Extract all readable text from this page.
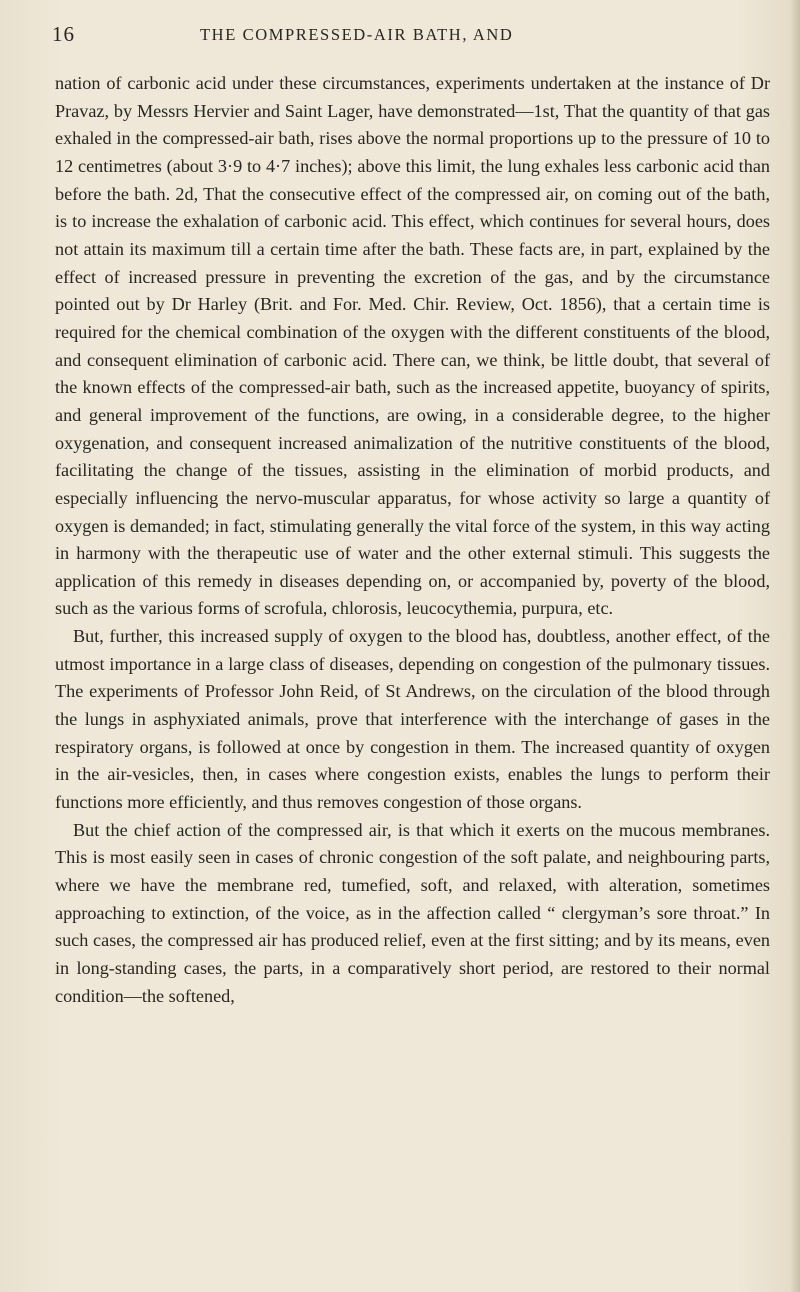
16	THE COMPRESSED-AIR BATH, AND

nation of carbonic acid under these circumstances, experiments undertaken at the instance of Dr Pravaz, by Messrs Hervier and Saint Lager, have demonstrated—1st, That the quantity of that gas exhaled in the compressed-air bath, rises above the normal proportions up to the pressure of 10 to 12 centimetres (about 3·9 to 4·7 inches); above this limit, the lung exhales less carbonic acid than before the bath. 2d, That the consecutive effect of the compressed air, on coming out of the bath, is to increase the exhalation of carbonic acid. This effect, which continues for several hours, does not attain its maximum till a certain time after the bath. These facts are, in part, explained by the effect of increased pressure in preventing the excretion of the gas, and by the circumstance pointed out by Dr Harley (Brit. and For. Med. Chir. Review, Oct. 1856), that a certain time is required for the chemical combination of the oxygen with the different constituents of the blood, and consequent elimination of carbonic acid. There can, we think, be little doubt, that several of the known effects of the compressed-air bath, such as the increased appetite, buoyancy of spirits, and general improvement of the functions, are owing, in a considerable degree, to the higher oxygenation, and consequent increased animalization of the nutritive constituents of the blood, facilitating the change of the tissues, assisting in the elimination of morbid products, and especially influencing the nervo-muscular apparatus, for whose activity so large a quantity of oxygen is demanded; in fact, stimulating generally the vital force of the system, in this way acting in harmony with the therapeutic use of water and the other external stimuli. This suggests the application of this remedy in diseases depending on, or accompanied by, poverty of the blood, such as the various forms of scrofula, chlorosis, leucocythemia, purpura, etc.

But, further, this increased supply of oxygen to the blood has, doubtless, another effect, of the utmost importance in a large class of diseases, depending on congestion of the pulmonary tissues. The experiments of Professor John Reid, of St Andrews, on the circulation of the blood through the lungs in asphyxiated animals, prove that interference with the interchange of gases in the respiratory organs, is followed at once by congestion in them. The increased quantity of oxygen in the air-vesicles, then, in cases where congestion exists, enables the lungs to perform their functions more efficiently, and thus removes congestion of those organs.

But the chief action of the compressed air, is that which it exerts on the mucous membranes. This is most easily seen in cases of chronic congestion of the soft palate, and neighbouring parts, where we have the membrane red, tumefied, soft, and relaxed, with alteration, sometimes approaching to extinction, of the voice, as in the affection called “ clergyman’s sore throat.” In such cases, the compressed air has produced relief, even at the first sitting; and by its means, even in long-standing cases, the parts, in a comparatively short period, are restored to their normal condition—the softened,
